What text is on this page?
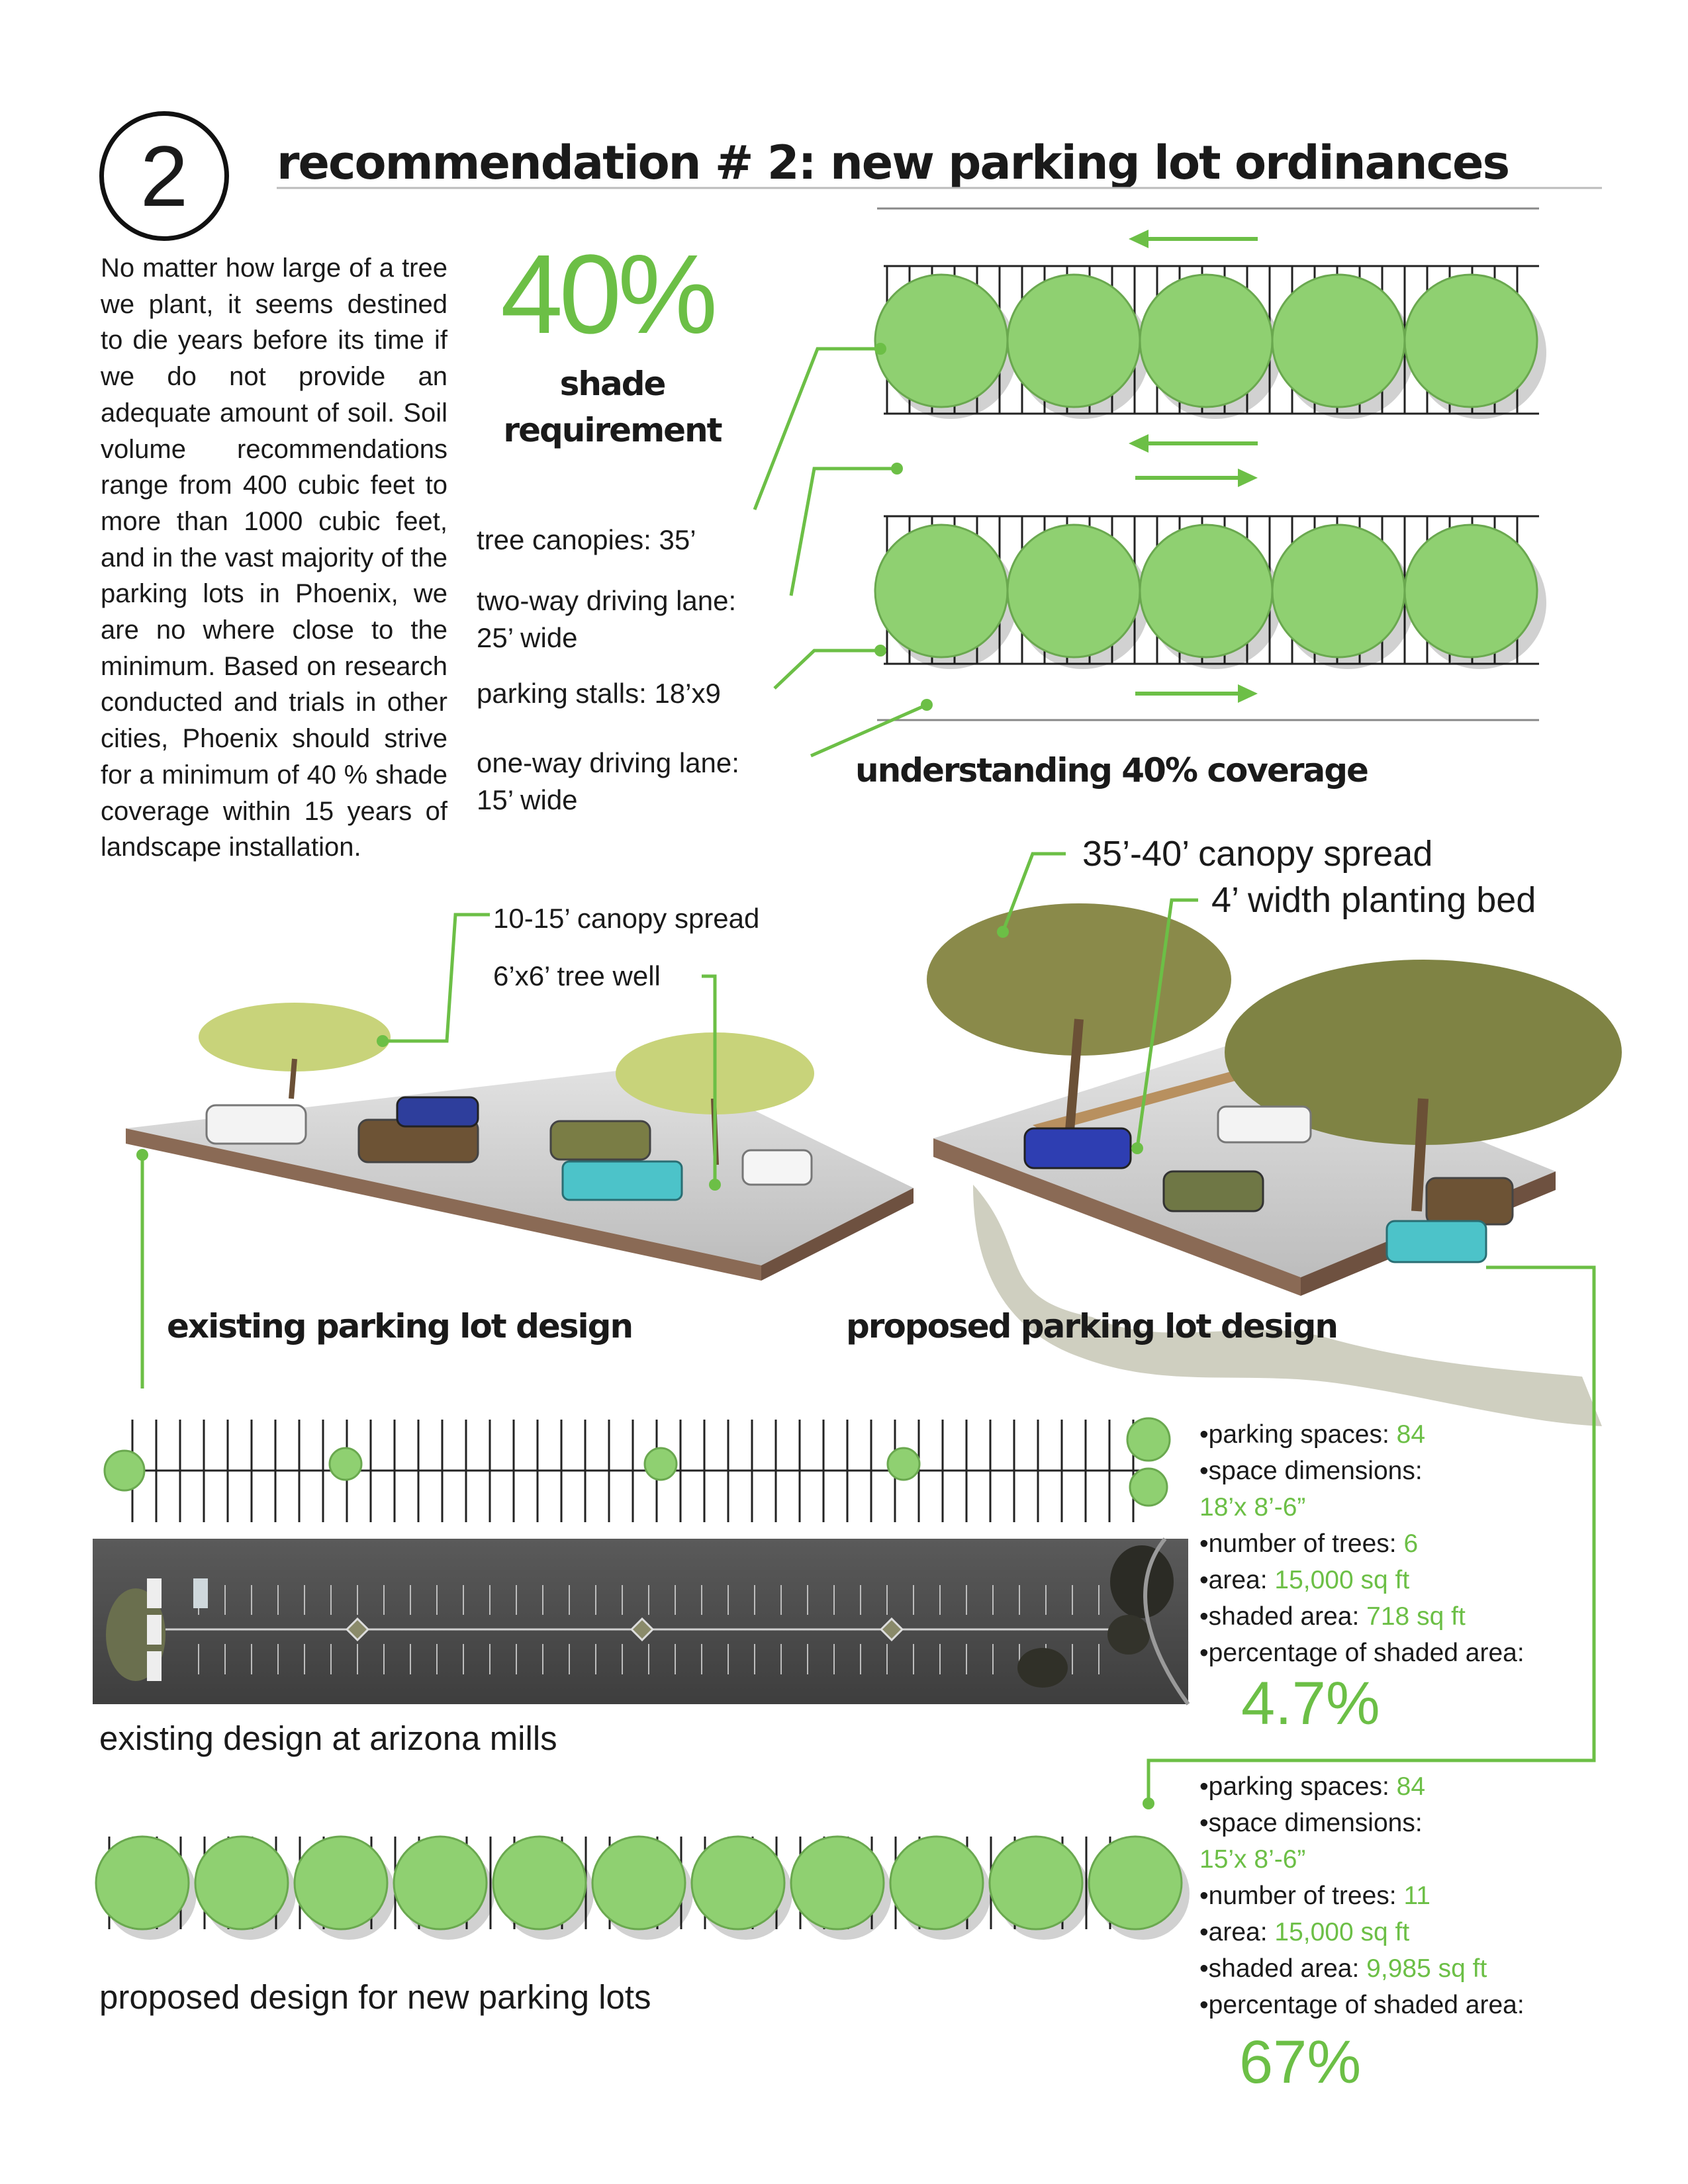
2	recommendation # 2: new parking lot ordinances
No matter how large of a tree we plant, it seems destined to die years before its time if we do not provide an adequate amount of soil. Soil volume recommendations range from 400 cubic feet to more than 1000 cubic feet, and in the vast majority of the parking lots in Phoenix, we are no where close to the minimum. Based on research conducted and trials in other cities, Phoenix should strive for a minimum of 40 % shade coverage within 15 years of landscape installation.
40%
shade
requirement
tree canopies: 35’
two-way driving lane:
25’ wide
parking stalls: 18’x9
one-way driving lane:
15’ wide
understanding 40% coverage
10-15’ canopy spread
6’x6’ tree well
existing parking lot design
35’-40’ canopy spread
4’ width planting bed
proposed parking lot design
•parking spaces: 84
•space dimensions:
18’x 8’-6”
•number of trees: 6
•area: 15,000 sq ft
•shaded area: 718 sq ft
•percentage of shaded area:
4.7%
existing design at arizona mills
•parking spaces: 84
•space dimensions:
15’x 8’-6”
•number of trees: 11
•area: 15,000 sq ft
•shaded area: 9,985 sq ft
•percentage of shaded area:
67%
proposed design for new parking lots
